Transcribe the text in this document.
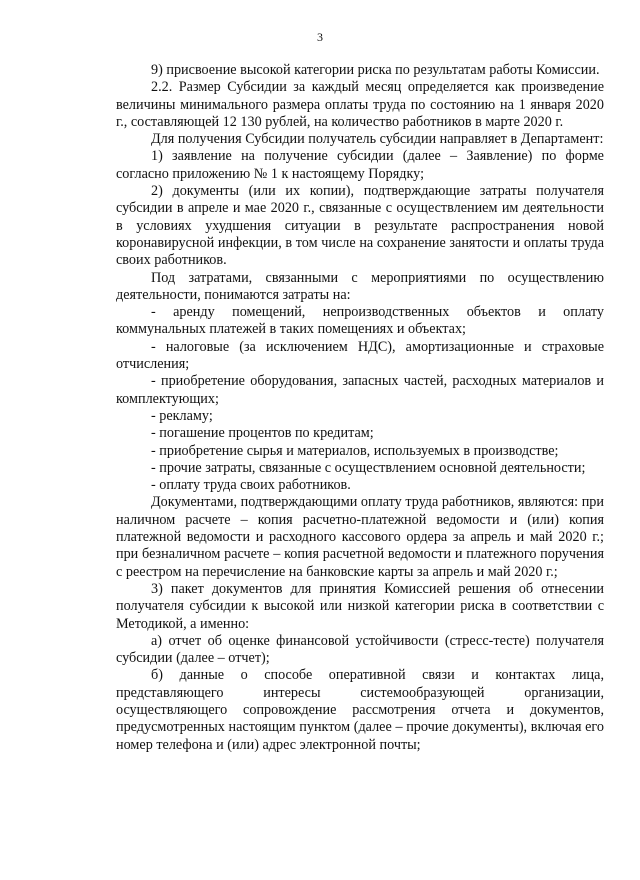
3

9) присвоение высокой категории риска по результатам работы Комиссии.

2.2. Размер Субсидии за каждый месяц определяется как произведение величины минимального размера оплаты труда по состоянию на 1 января 2020 г., составляющей 12 130 рублей, на количество работников в марте 2020 г.

Для получения Субсидии получатель субсидии направляет в Департамент:

1) заявление на получение субсидии (далее – Заявление) по форме согласно приложению № 1 к настоящему Порядку;

2) документы (или их копии), подтверждающие затраты получателя субсидии в апреле и мае 2020 г., связанные с осуществлением им деятельности в условиях ухудшения ситуации в результате распространения новой коронавирусной инфекции, в том числе на сохранение занятости и оплаты труда своих работников.

Под затратами, связанными с мероприятиями по осуществлению деятельности, понимаются затраты на:

- аренду помещений, непроизводственных объектов и оплату коммунальных платежей в таких помещениях и объектах;

- налоговые (за исключением НДС), амортизационные и страховые отчисления;

- приобретение оборудования, запасных частей, расходных материалов и комплектующих;

- рекламу;

- погашение процентов по кредитам;

- приобретение сырья и материалов, используемых в производстве;

- прочие затраты, связанные с осуществлением основной деятельности;

- оплату труда своих работников.

Документами, подтверждающими оплату труда работников, являются: при наличном расчете – копия расчетно-платежной ведомости и (или) копия платежной ведомости и расходного кассового ордера за апрель и май 2020 г.; при безналичном расчете – копия расчетной ведомости и платежного поручения с реестром на перечисление на банковские карты за апрель и май 2020 г.;

3) пакет документов для принятия Комиссией решения об отнесении получателя субсидии к высокой или низкой категории риска в соответствии с Методикой, а именно:

а) отчет об оценке финансовой устойчивости (стресс-тесте) получателя субсидии (далее – отчет);

б) данные о способе оперативной связи и контактах лица, представляющего интересы системообразующей организации, осуществляющего сопровождение рассмотрения отчета и документов, предусмотренных настоящим пунктом (далее – прочие документы), включая его номер телефона и (или) адрес электронной почты;
